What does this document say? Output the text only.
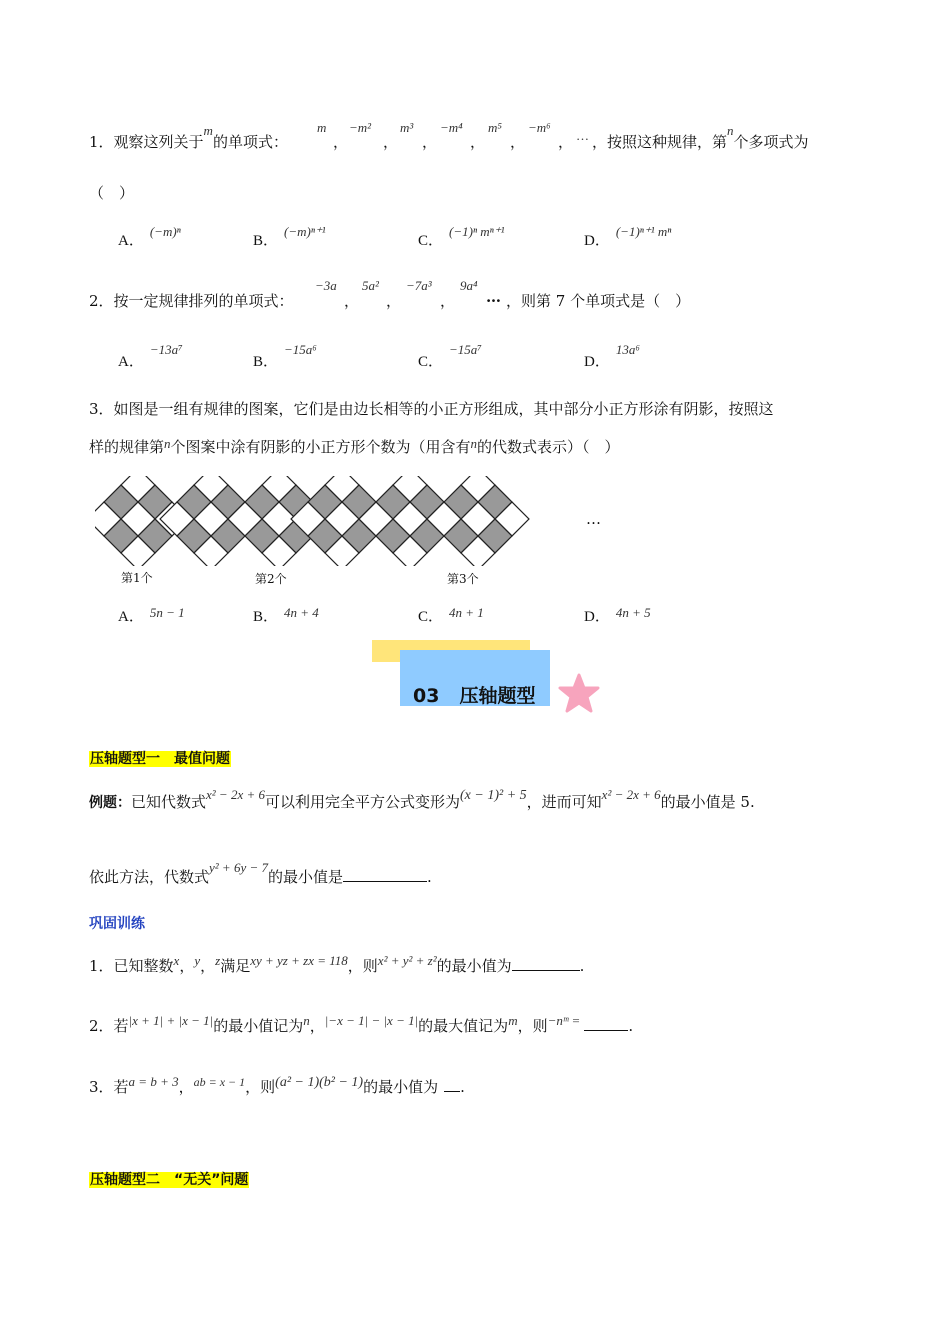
1．观察这列关于m的单项式：
m
，
−m²
，
m³
，
−m⁴
，
m⁵
，
−m⁶
， … ，按照这种规律，第n个多项式为
（　）
A．(−m)ⁿ
B．(−m)ⁿ⁺¹
C．(−1)ⁿ mⁿ⁺¹
D．(−1)ⁿ⁺¹ mⁿ
2．按一定规律排列的单项式：
−3a
，
5a²
，
−7a³
，
9a⁴
… ，则第 7 个单项式是（　）
A．−13a⁷
B．−15a⁶
C．−15a⁷
D．13a⁶
3．如图是一组有规律的图案，它们是由边长相等的小正方形组成，其中部分小正方形涂有阴影，按照这
样的规律第n个图案中涂有阴影的小正方形个数为（用含有n的代数式表示）（　）
…
第1个	第2个	第3个
A． 5n − 1	B． 4n + 4	C． 4n + 1	D． 4n + 5
03 压轴题型
压轴题型一　最值问题
例题：已知代数式x² − 2x + 6可以利用完全平方公式变形为(x − 1)² + 5，进而可知x² − 2x + 6的最小值是 5.
依此方法，代数式y² + 6y − 7的最小值是	.
巩固训练
1．已知整数x，y，z满足xy + yz + zx = 118，则x² + y² + z²的最小值为	.
2．若|x + 1| + |x − 1|的最小值记为n，|−x − 1| − |x − 1|的最大值记为m，则−nᵐ =	.
3．若a = b + 3，$^{ab = x - 1}$，则(a² − 1)(b² − 1)的最小值为 .
压轴题型二　“无关”问题
